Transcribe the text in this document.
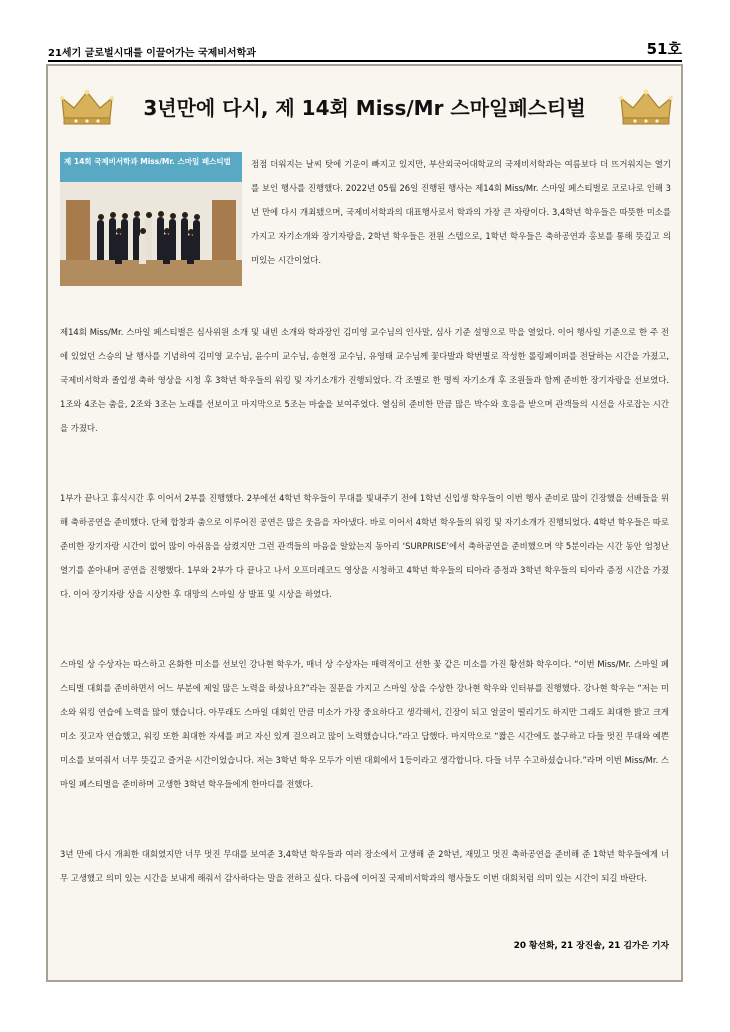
21세기 글로벌시대를 이끌어가는 국제비서학과	51호
3년만에 다시, 제 14회 Miss/Mr 스마일페스티벌
제 14회 국제비서학과 Miss/Mr. 스마일 페스티벌 점점 더워지는 날씨 탓에 기운이 빠지고 있지만, 부산외국어대학교의 국제비서학과는 여름보다 더 뜨거워지는 열기를 보인 행사를 진행했다. 2022년 05월 26일 진행된 행사는 제14회 Miss/Mr. 스마일 페스티벌로 코로나로 인해 3년 만에 다시 개최됐으며, 국제비서학과의 대표행사로서 학과의 가장 큰 자랑이다. 3,4학년 학우들은 따뜻한 미소를 가지고 자기소개와 장기자랑을, 2학년 학우들은 전원 스텝으로, 1학년 학우들은 축하공연과 홍보를 통해 뜻깊고 의미있는 시간이었다.
제14회 Miss/Mr. 스마일 페스티벌은 심사위원 소개 및 내빈 소개와 학과장인 김미영 교수님의 인사말, 심사 기준 설명으로 막을 열었다. 이어 행사일 기준으로 한 주 전에 있었던 스승의 날 행사를 기념하여 김미영 교수님, 윤수미 교수님, 송현정 교수님, 유영태 교수님께 꽃다발과 학번별로 작성한 롤링페이퍼를 전달하는 시간을 가졌고, 국제비서학과 졸업생 축하 영상을 시청 후 3학년 학우들의 워킹 및 자기소개가 진행되었다. 각 조별로 한 명씩 자기소개 후 조원들과 함께 준비한 장기자랑을 선보였다. 1조와 4조는 춤을, 2조와 3조는 노래를 선보이고 마지막으로 5조는 마술을 보여주었다. 열심히 준비한 만큼 많은 박수와 호응을 받으며 관객들의 시선을 사로잡는 시간을 가졌다.
1부가 끝나고 휴식시간 후 이어서 2부를 진행했다. 2부에선 4학년 학우들이 무대를 빛내주기 전에 1학년 신입생 학우들이 이번 행사 준비로 많이 긴장했을 선배들을 위해 축하공연을 준비했다. 단체 합창과 춤으로 이루어진 공연은 많은 웃음을 자아냈다. 바로 이어서 4학년 학우들의 워킹 및 자기소개가 진행되었다. 4학년 학우들은 따로 준비한 장기자랑 시간이 없어 많이 아쉬움을 삼켰지만 그런 관객들의 마음을 알았는지 동아리 ‘SURPRISE’에서 축하공연을 준비했으며 약 5분이라는 시간 동안 엄청난 열기를 쏟아내며 공연을 진행했다. 1부와 2부가 다 끝나고 나서 오프더레코드 영상을 시청하고 4학년 학우들의 티아라 증정과 3학년 학우들의 티아라 증정 시간을 가졌다. 이어 장기자랑 상을 시상한 후 대망의 스마일 상 발표 및 시상을 하였다.
스마일 상 수상자는 따스하고 온화한 미소를 선보인 강나현 학우가, 매너 상 수상자는 매력적이고 선한 꽃 같은 미소를 가진 황선화 학우이다. “이번 Miss/Mr. 스마일 페스티벌 대회를 준비하면서 어느 부분에 제일 많은 노력을 하셨나요?”라는 질문을 가지고 스마일 상을 수상한 강나현 학우와 인터뷰를 진행했다. 강나현 학우는 “저는 미소와 워킹 연습에 노력을 많이 했습니다. 아무래도 스마일 대회인 만큼 미소가 가장 중요하다고 생각해서, 긴장이 되고 얼굴이 떨리기도 하지만 그래도 최대한 밝고 크게 미소 짓고자 연습했고, 워킹 또한 최대한 자세를 펴고 자신 있게 걸으려고 많이 노력했습니다.”라고 답했다. 마지막으로 “짧은 시간에도 불구하고 다들 멋진 무대와 예쁜 미소를 보여줘서 너무 뜻깊고 즐거운 시간이었습니다. 저는 3학년 학우 모두가 이번 대회에서 1등이라고 생각합니다. 다들 너무 수고하셨습니다.”라며 이번 Miss/Mr. 스마일 페스티벌을 준비하며 고생한 3학년 학우들에게 한마디를 전했다.
3년 만에 다시 개최한 대회였지만 너무 멋진 무대를 보여준 3,4학년 학우들과 여러 장소에서 고생해 준 2학년, 재밌고 멋진 축하공연을 준비해 준 1학년 학우들에게 너무 고생했고 의미 있는 시간을 보내게 해줘서 감사하다는 말을 전하고 싶다. 다음에 이어질 국제비서학과의 행사들도 이번 대회처럼 의미 있는 시간이 되길 바란다.
20 황선화, 21 장진솔, 21 김가은 기자
